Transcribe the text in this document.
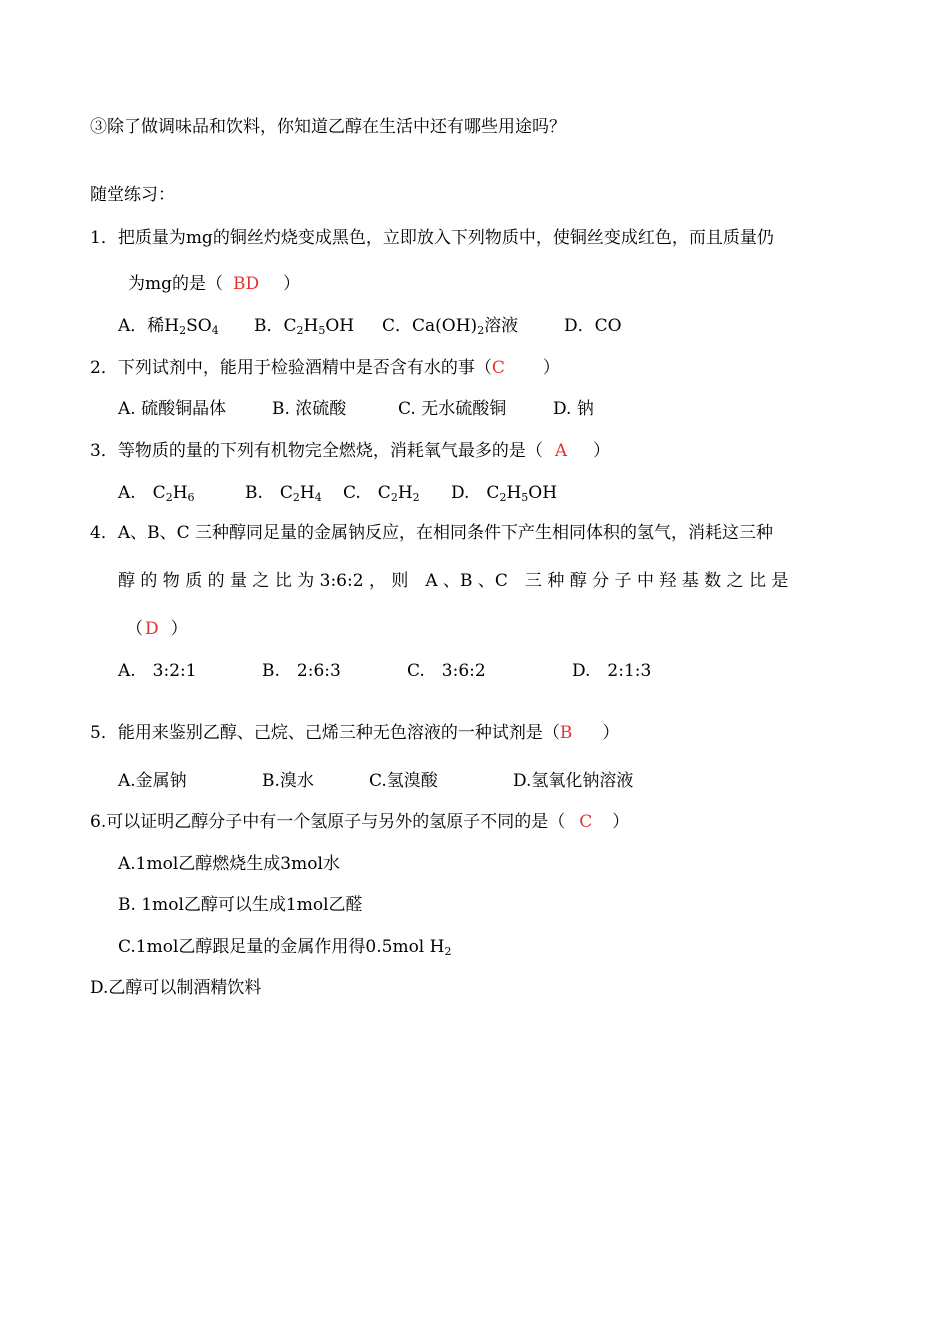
③除了做调味品和饮料，你知道乙醇在生活中还有哪些用途吗？
随堂练习：
1．把质量为mg的铜丝灼烧变成黑色，立即放入下列物质中，使铜丝变成红色，而且质量仍
为mg的是（ BD ）
A．稀$H_2SO_4$ B．$C_2H_5OH$ C．$Ca(OH)_2$溶液	D．CO
2．下列试剂中，能用于检验酒精中是否含有水的事（C ）
A. 硫酸铜晶体	B. 浓硫酸	C. 无水硫酸铜	D. 钠
3．等物质的量的下列有机物完全燃烧，消耗氧气最多的是（ A ）
A.　$C_2H_6$	B.　$C_2H_4$ C.　$C_2H_2$ D.　$C_2H_5OH$
4．A、B、C 三种醇同足量的金属钠反应，在相同条件下产生相同体积的氢气，消耗这三种
醇 的 物 质 的 量 之 比 为 3:6:2 ， 则　A 、B 、C　三 种 醇 分 子 中 羟 基 数 之 比 是
（ D ）
A.　3:2:1	B.　2:6:3	C.　3:6:2	D.　2:1:3
5．能用来鉴别乙醇、己烷、己烯三种无色溶液的一种试剂是（B ）
A.金属钠	B.溴水	C.氢溴酸	D.氢氧化钠溶液
6.可以证明乙醇分子中有一个氢原子与另外的氢原子不同的是（ C ）
A.1mol乙醇燃烧生成3mol水
B. 1mol乙醇可以生成1mol乙醛
C.1mol乙醇跟足量的金属作用得0.5mol $H_2$
D.乙醇可以制酒精饮料
